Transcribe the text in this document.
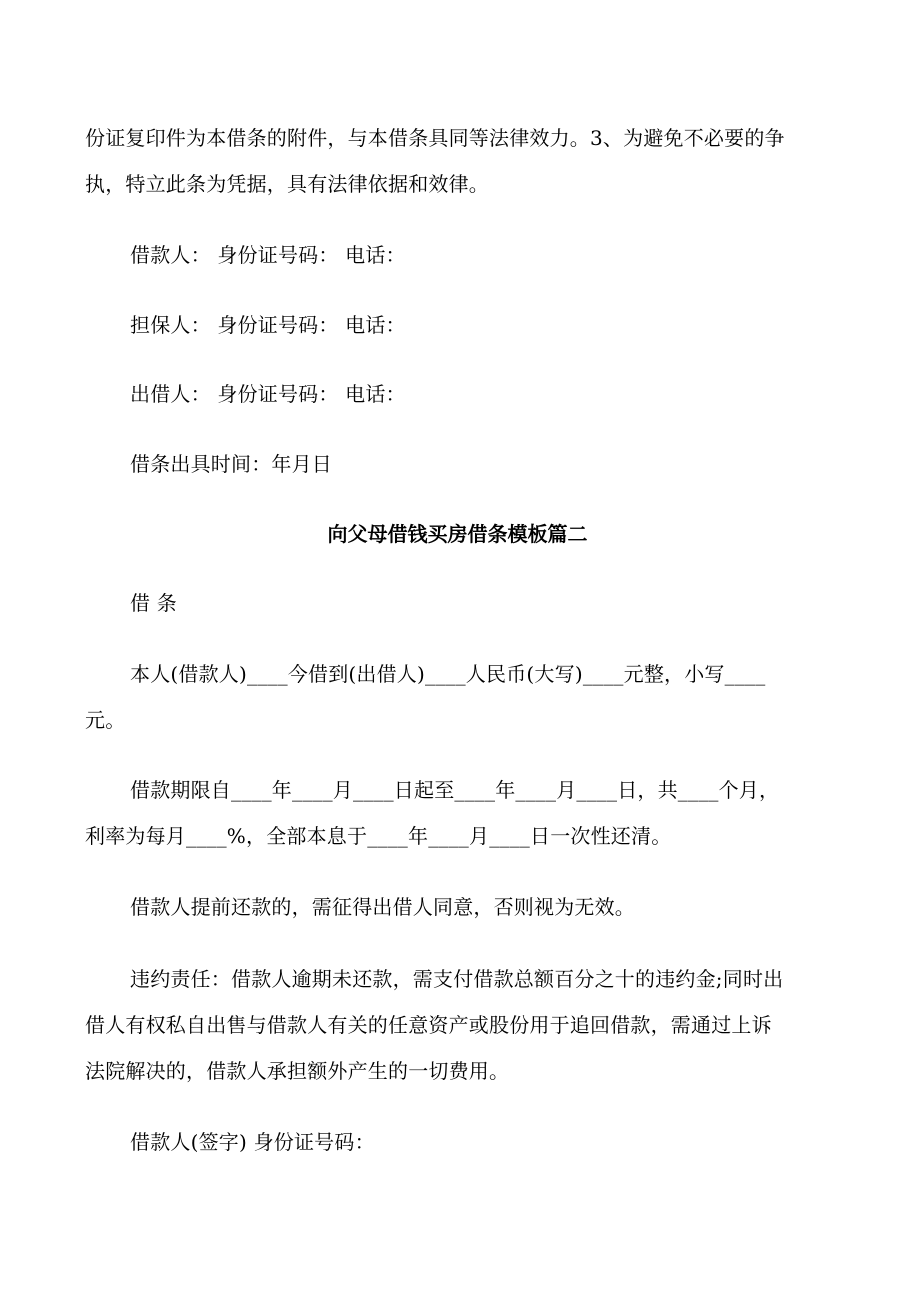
份证复印件为本借条的附件，与本借条具同等法律效力。3、为避免不必要的争
执，特立此条为凭据，具有法律依据和效律。

借款人： 身份证号码： 电话：

担保人： 身份证号码： 电话：

出借人： 身份证号码： 电话：

借条出具时间：年月日

向父母借钱买房借条模板篇二

借 条

本人(借款人)____今借到(出借人)____人民币(大写)____元整，小写____
元。

借款期限自____年____月____日起至____年____月____日，共____个月，
利率为每月____%，全部本息于____年____月____日一次性还清。

借款人提前还款的，需征得出借人同意，否则视为无效。

违约责任：借款人逾期未还款，需支付借款总额百分之十的违约金;同时出
借人有权私自出售与借款人有关的任意资产或股份用于追回借款，需通过上诉
法院解决的，借款人承担额外产生的一切费用。

借款人(签字) 身份证号码：
